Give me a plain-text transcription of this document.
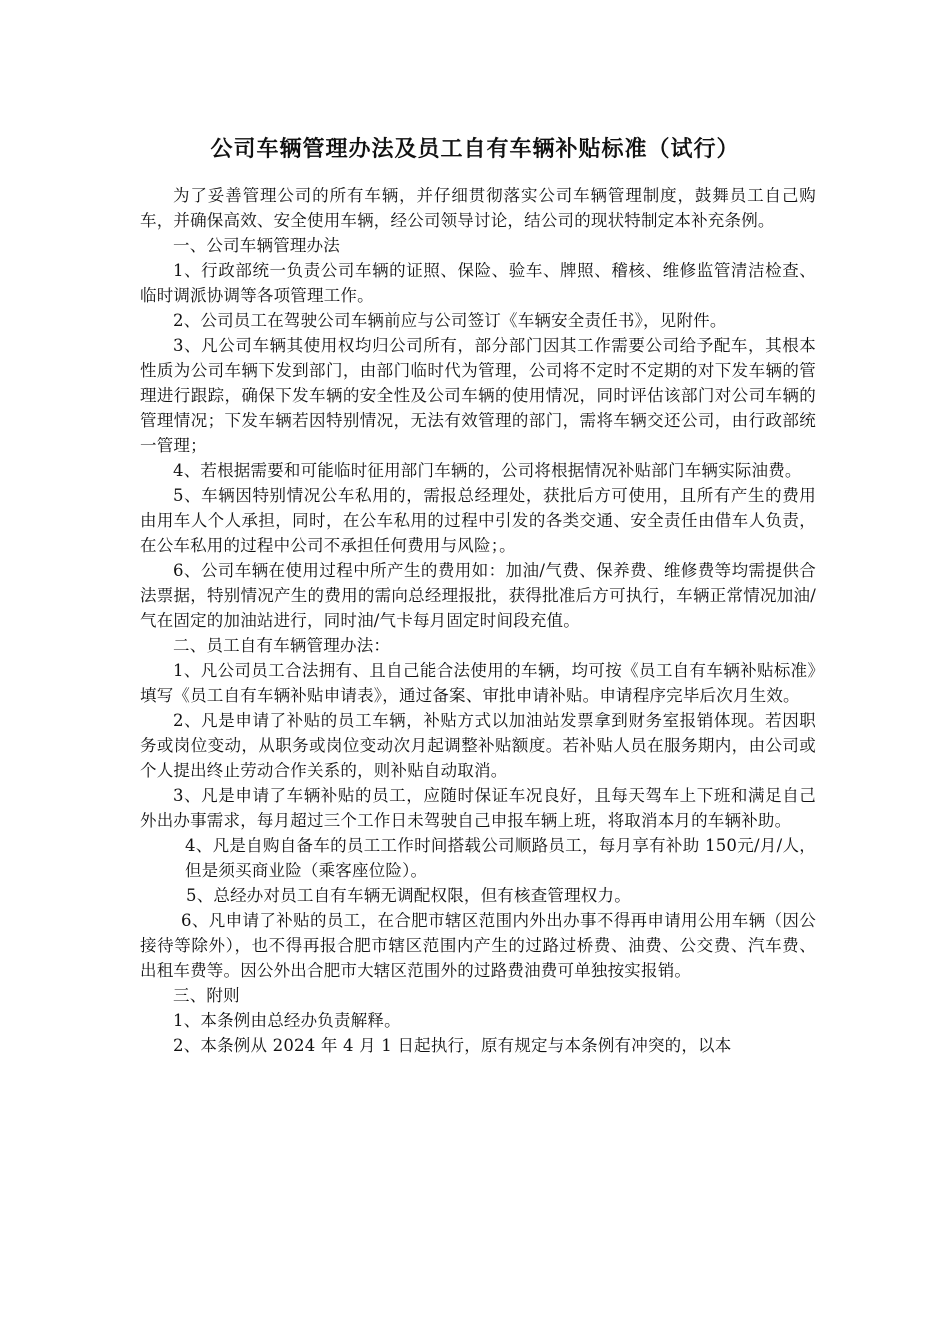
公司车辆管理办法及员工自有车辆补贴标准（试行）

为了妥善管理公司的所有车辆，并仔细贯彻落实公司车辆管理制度，鼓舞员工自己购车，并确保高效、安全使用车辆，经公司领导讨论，结公司的现状特制定本补充条例。

一、公司车辆管理办法

1、行政部统一负责公司车辆的证照、保险、验车、牌照、稽核、维修监管清洁检查、临时调派协调等各项管理工作。

2、公司员工在驾驶公司车辆前应与公司签订《车辆安全责任书》，见附件。

3、凡公司车辆其使用权均归公司所有，部分部门因其工作需要公司给予配车，其根本性质为公司车辆下发到部门，由部门临时代为管理，公司将不定时不定期的对下发车辆的管理进行跟踪，确保下发车辆的安全性及公司车辆的使用情况，同时评估该部门对公司车辆的管理情况；下发车辆若因特别情况，无法有效管理的部门，需将车辆交还公司，由行政部统一管理；

4、若根据需要和可能临时征用部门车辆的，公司将根据情况补贴部门车辆实际油费。

5、车辆因特别情况公车私用的，需报总经理处，获批后方可使用，且所有产生的费用由用车人个人承担，同时，在公车私用的过程中引发的各类交通、安全责任由借车人负责，在公车私用的过程中公司不承担任何费用与风险；。

6、公司车辆在使用过程中所产生的费用如：加油/气费、保养费、维修费等均需提供合法票据，特别情况产生的费用的需向总经理报批，获得批准后方可执行，车辆正常情况加油/气在固定的加油站进行，同时油/气卡每月固定时间段充值。

二、员工自有车辆管理办法：

1、凡公司员工合法拥有、且自己能合法使用的车辆，均可按《员工自有车辆补贴标准》填写《员工自有车辆补贴申请表》，通过备案、审批申请补贴。申请程序完毕后次月生效。

2、凡是申请了补贴的员工车辆，补贴方式以加油站发票拿到财务室报销体现。若因职务或岗位变动，从职务或岗位变动次月起调整补贴额度。若补贴人员在服务期内，由公司或个人提出终止劳动合作关系的，则补贴自动取消。

3、凡是申请了车辆补贴的员工，应随时保证车况良好，且每天驾车上下班和满足自己外出办事需求，每月超过三个工作日未驾驶自己申报车辆上班，将取消本月的车辆补助。

4、凡是自购自备车的员工工作时间搭载公司顺路员工，每月享有补助 150元/月/人，但是须买商业险（乘客座位险）。

5、总经办对员工自有车辆无调配权限，但有核查管理权力。

6、凡申请了补贴的员工，在合肥市辖区范围内外出办事不得再申请用公用车辆（因公接待等除外），也不得再报合肥市辖区范围内产生的过路过桥费、油费、公交费、汽车费、出租车费等。因公外出合肥市大辖区范围外的过路费油费可单独按实报销。

三、附则

1、本条例由总经办负责解释。

2、本条例从 2024 年 4 月 1 日起执行，原有规定与本条例有冲突的，以本
